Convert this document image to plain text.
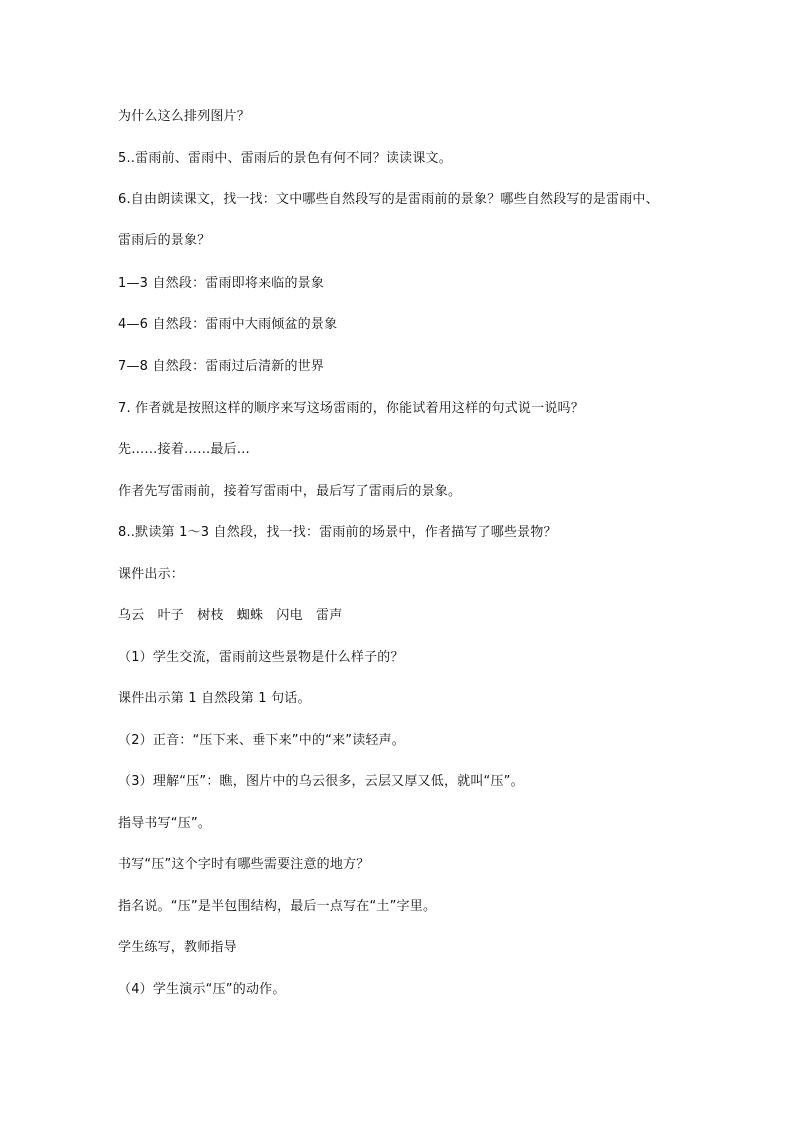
为什么这么排列图片？
5..雷雨前、雷雨中、雷雨后的景色有何不同？读读课文。
6.自由朗读课文，找一找：文中哪些自然段写的是雷雨前的景象？哪些自然段写的是雷雨中、
雷雨后的景象？
1—3 自然段：雷雨即将来临的景象
4—6 自然段：雷雨中大雨倾盆的景象
7—8 自然段：雷雨过后清新的世界
7. 作者就是按照这样的顺序来写这场雷雨的，你能试着用这样的句式说一说吗？
先……接着……最后…
作者先写雷雨前，接着写雷雨中，最后写了雷雨后的景象。
8..默读第 1～3 自然段，找一找：雷雨前的场景中，作者描写了哪些景物？
课件出示：
乌云　叶子　树枝　蜘蛛　闪电　雷声
（1）学生交流，雷雨前这些景物是什么样子的？
课件出示第 1 自然段第 1 句话。
（2）正音：“压下来、垂下来”中的“来”读轻声。
（3）理解“压”：瞧，图片中的乌云很多，云层又厚又低，就叫“压”。
指导书写“压”。
书写“压”这个字时有哪些需要注意的地方？
指名说。“压”是半包围结构，最后一点写在“土”字里。
学生练写，教师指导
（4）学生演示“压”的动作。
